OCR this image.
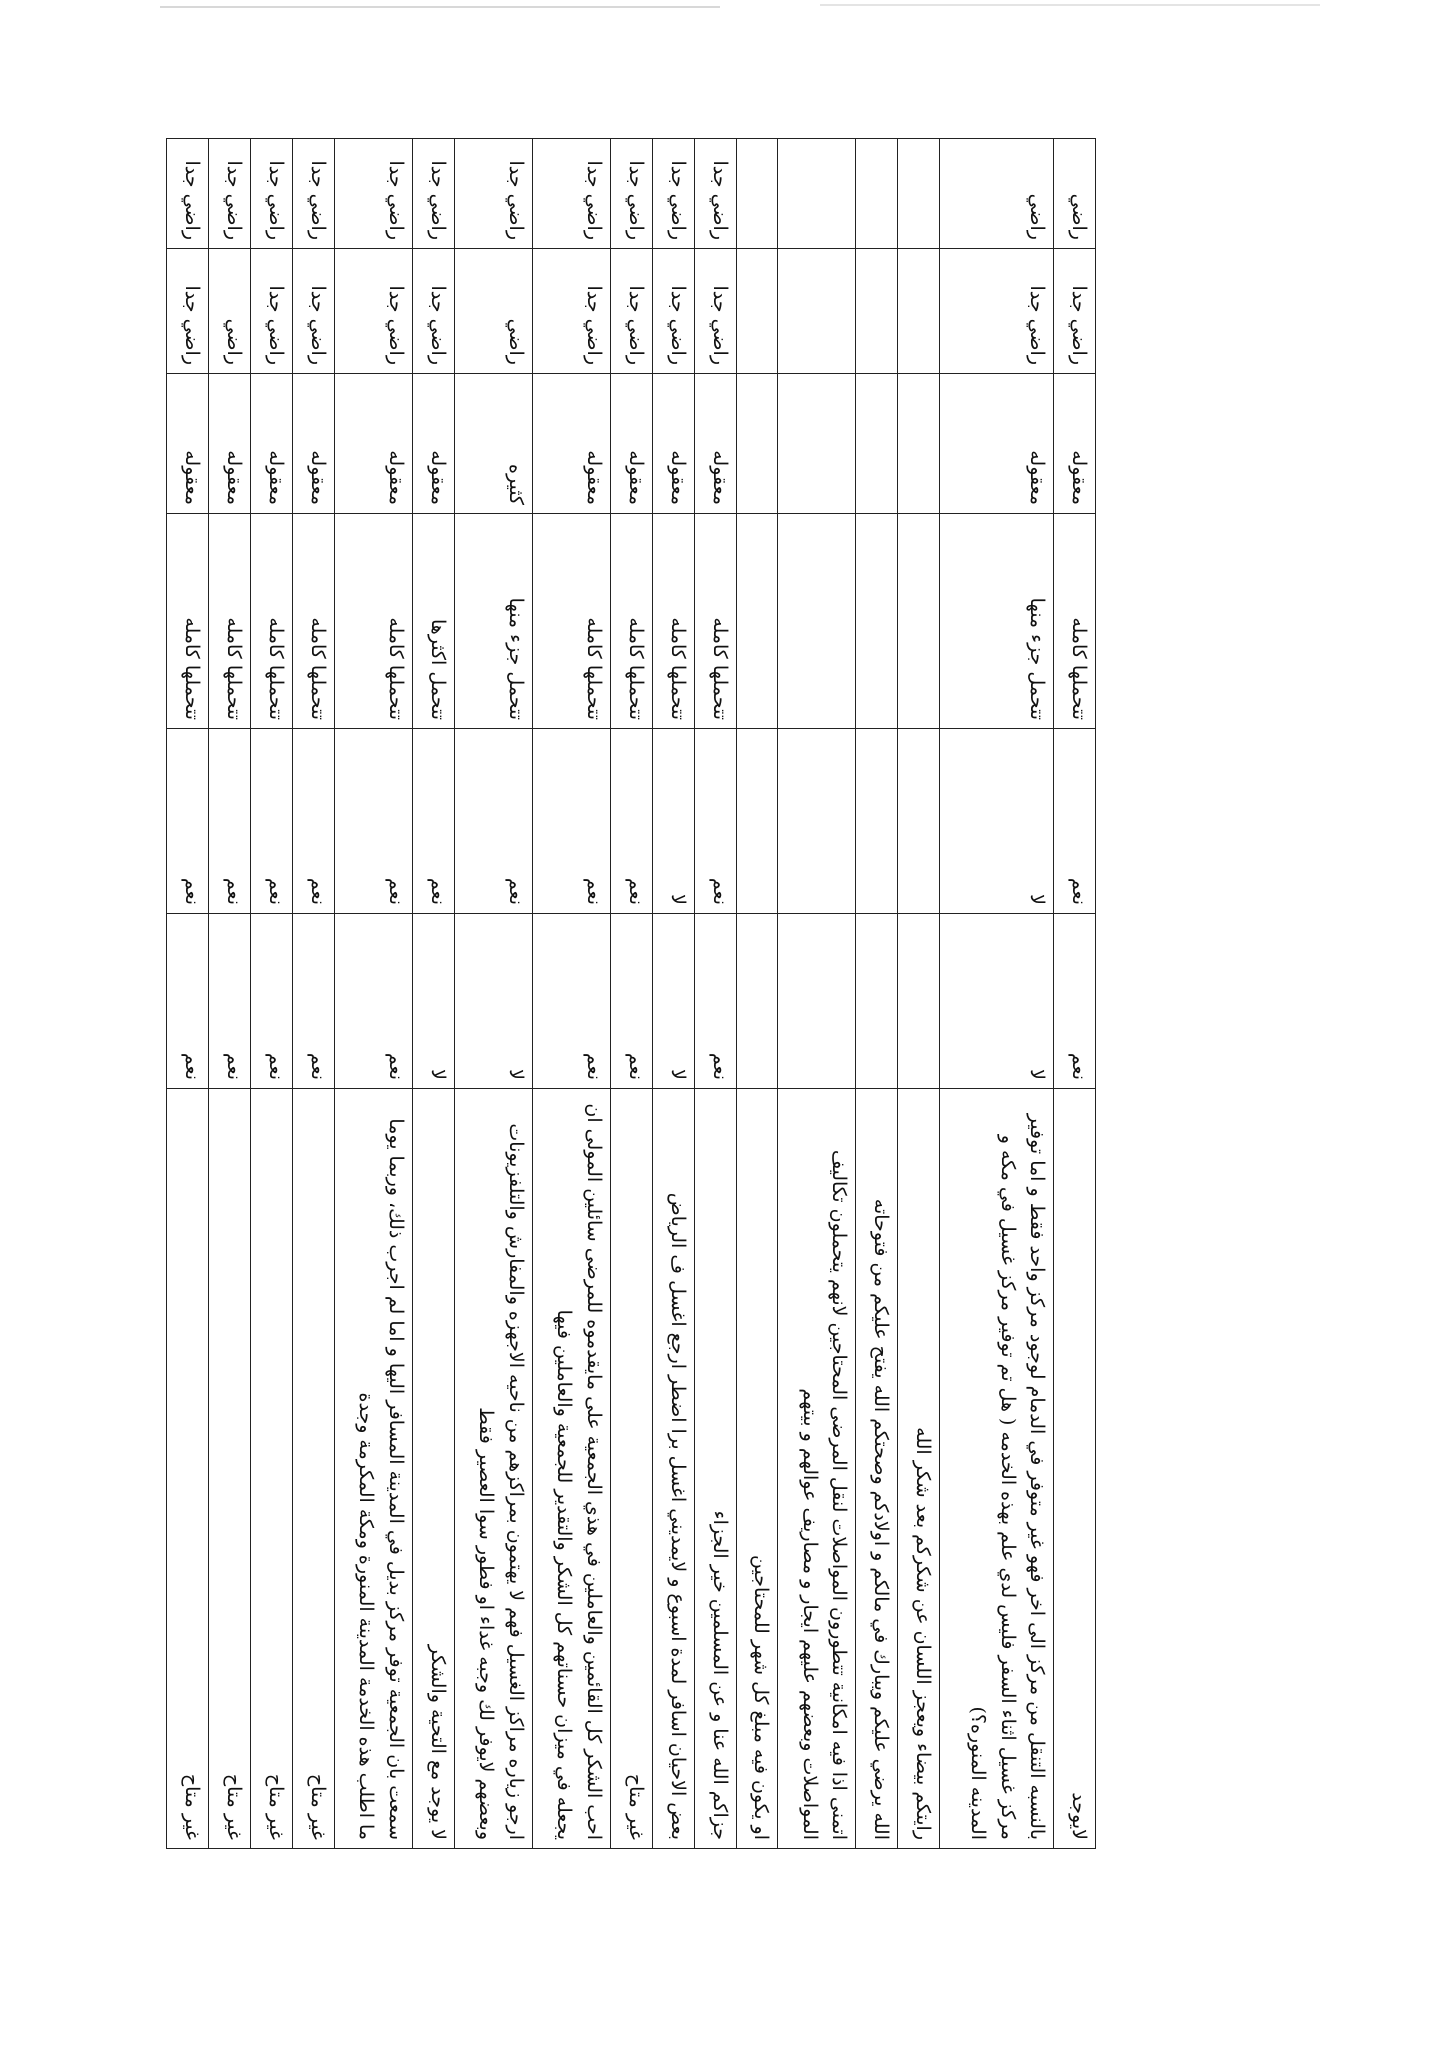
لايوجد	نعم	نعم	تتحملها كامله	معقوله	راضي جدا	راضي
بالنسبه التنقل من مركز الى اخر فهو غير متوفر في الدمام لوجود مركز واحد فقط و اما توفير مركز غسيل اثناء السفر فليس لدي علم بهذه الخدمه ( هل تم توفير مركز غسيل في مكه و المدينه المنوره؟)	لا	لا	تتحمل جزء منها	معقوله	راضي جدا	راضي
رايتكم بيضاء ويعجز اللسان عن شكركم بعد شكر الله						
الله يرضي عليكم ويبارك في مالكم و اولادكم وصحتكم الله يفتح عليكم من فتوحاته						
اتمنى اذا فيه امكانية تتطورون المواصلات لنقل المرضى المحتاجين لانهم يتحملون تكاليف المواصلات وبعضهم عليهم ايجار و مصاريف عوالهم و بيتهم						
او يكون فيه مبلغ كل شهر للمحتاجين						
جزاكم الله عنا و عن المسلمين خير الجزاء	نعم	نعم	تتحملها كامله	معقوله	راضي جدا	راضي جدا
بعض الاحيان اسافر لمدة اسبوع و لايمديني اغسل برا اضطر ارجع اغسل ف الرياض	لا	لا	تتحملها كامله	معقوله	راضي جدا	راضي جدا
غير متاح	نعم	نعم	تتحملها كامله	معقوله	راضي جدا	راضي جدا
احب الشكر كل القائمين والعاملين في هذي الجمعية على مايقدموه للمرضى سائلين المولى ان يجعله في ميزان حسناتهم كل الشكر والتقدير للجمعية والعاملين فيها	نعم	نعم	تتحملها كامله	معقوله	راضي جدا	راضي جدا
ارجو زياره مراكز الغسيل فهم لا يهتمون بمراكزهم من ناحيه الاجهزه والمفارش والتلفزيونات وبعضهم لايوفر لك وجبه غداء او فطور سوا العصير فقط	لا	نعم	تتحمل جزء منها	كثيره	راضي	راضي جدا
لا يوجد مع التحية والشكر	لا	نعم	تتحمل اكثرها	معقوله	راضي جدا	راضي جدا
سمعت بان الجمعية توفر مركز بديل في المدينة المسافر اليها و اما لم اجرب ذلك، وربما يوما ما اطلب هذه الخدمة المدينة المنورة ومكة المكرمة وجدة	نعم	نعم	تتحملها كامله	معقوله	راضي جدا	راضي جدا
غير متاح	نعم	نعم	تتحملها كامله	معقوله	راضي جدا	راضي جدا
غير متاح	نعم	نعم	تتحملها كامله	معقوله	راضي جدا	راضي جدا
غير متاح	نعم	نعم	تتحملها كامله	معقوله	راضي	راضي جدا
غير متاح	نعم	نعم	تتحملها كامله	معقوله	راضي جدا	راضي جدا
